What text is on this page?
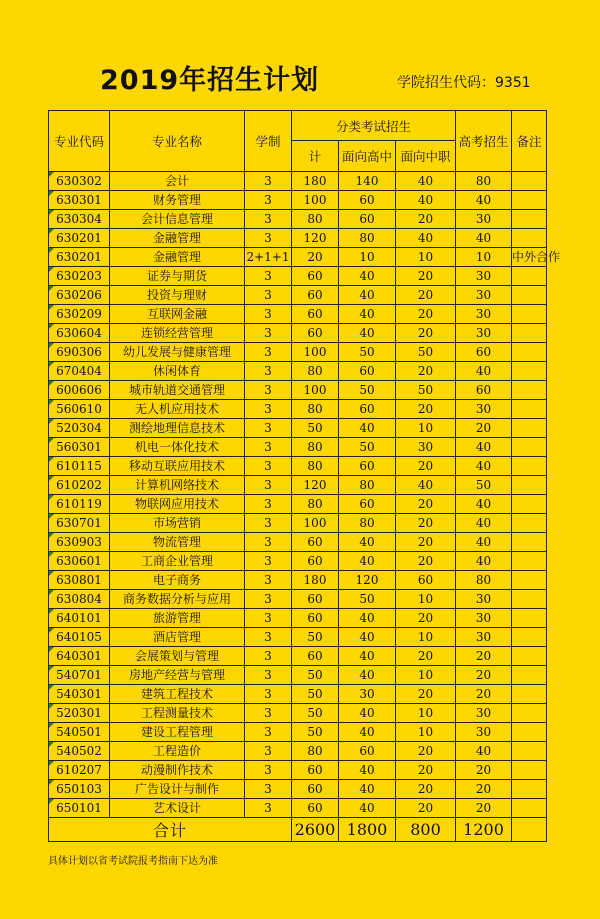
2019年招生计划	学院招生代码：9351
专业代码	专业名称	学制	分类考试招生			高考招生	备注
			计	面向高中	面向中职		
630302	会计	3	180	140	40	80	
630301	财务管理	3	100	60	40	40	
630304	会计信息管理	3	80	60	20	30	
630201	金融管理	3	120	80	40	40	
630201	金融管理	2+1+1	20	10	10	10	中外合作
630203	证券与期货	3	60	40	20	30	
630206	投资与理财	3	60	40	20	30	
630209	互联网金融	3	60	40	20	30	
630604	连锁经营管理	3	60	40	20	30	
690306	幼儿发展与健康管理	3	100	50	50	60	
670404	休闲体育	3	80	60	20	40	
600606	城市轨道交通管理	3	100	50	50	60	
560610	无人机应用技术	3	80	60	20	30	
520304	测绘地理信息技术	3	50	40	10	20	
560301	机电一体化技术	3	80	50	30	40	
610115	移动互联应用技术	3	80	60	20	40	
610202	计算机网络技术	3	120	80	40	50	
610119	物联网应用技术	3	80	60	20	40	
630701	市场营销	3	100	80	20	40	
630903	物流管理	3	60	40	20	40	
630601	工商企业管理	3	60	40	20	40	
630801	电子商务	3	180	120	60	80	
630804	商务数据分析与应用	3	60	50	10	30	
640101	旅游管理	3	60	40	20	30	
640105	酒店管理	3	50	40	10	30	
640301	会展策划与管理	3	60	40	20	20	
540701	房地产经营与管理	3	50	40	10	20	
540301	建筑工程技术	3	50	30	20	20	
520301	工程测量技术	3	50	40	10	30	
540501	建设工程管理	3	50	40	10	30	
540502	工程造价	3	80	60	20	40	
610207	动漫制作技术	3	60	40	20	20	
650103	广告设计与制作	3	60	40	20	20	
650101	艺术设计	3	60	40	20	20	
合计			2600	1800	800	1200	
具体计划以省考试院报考指南下达为准
